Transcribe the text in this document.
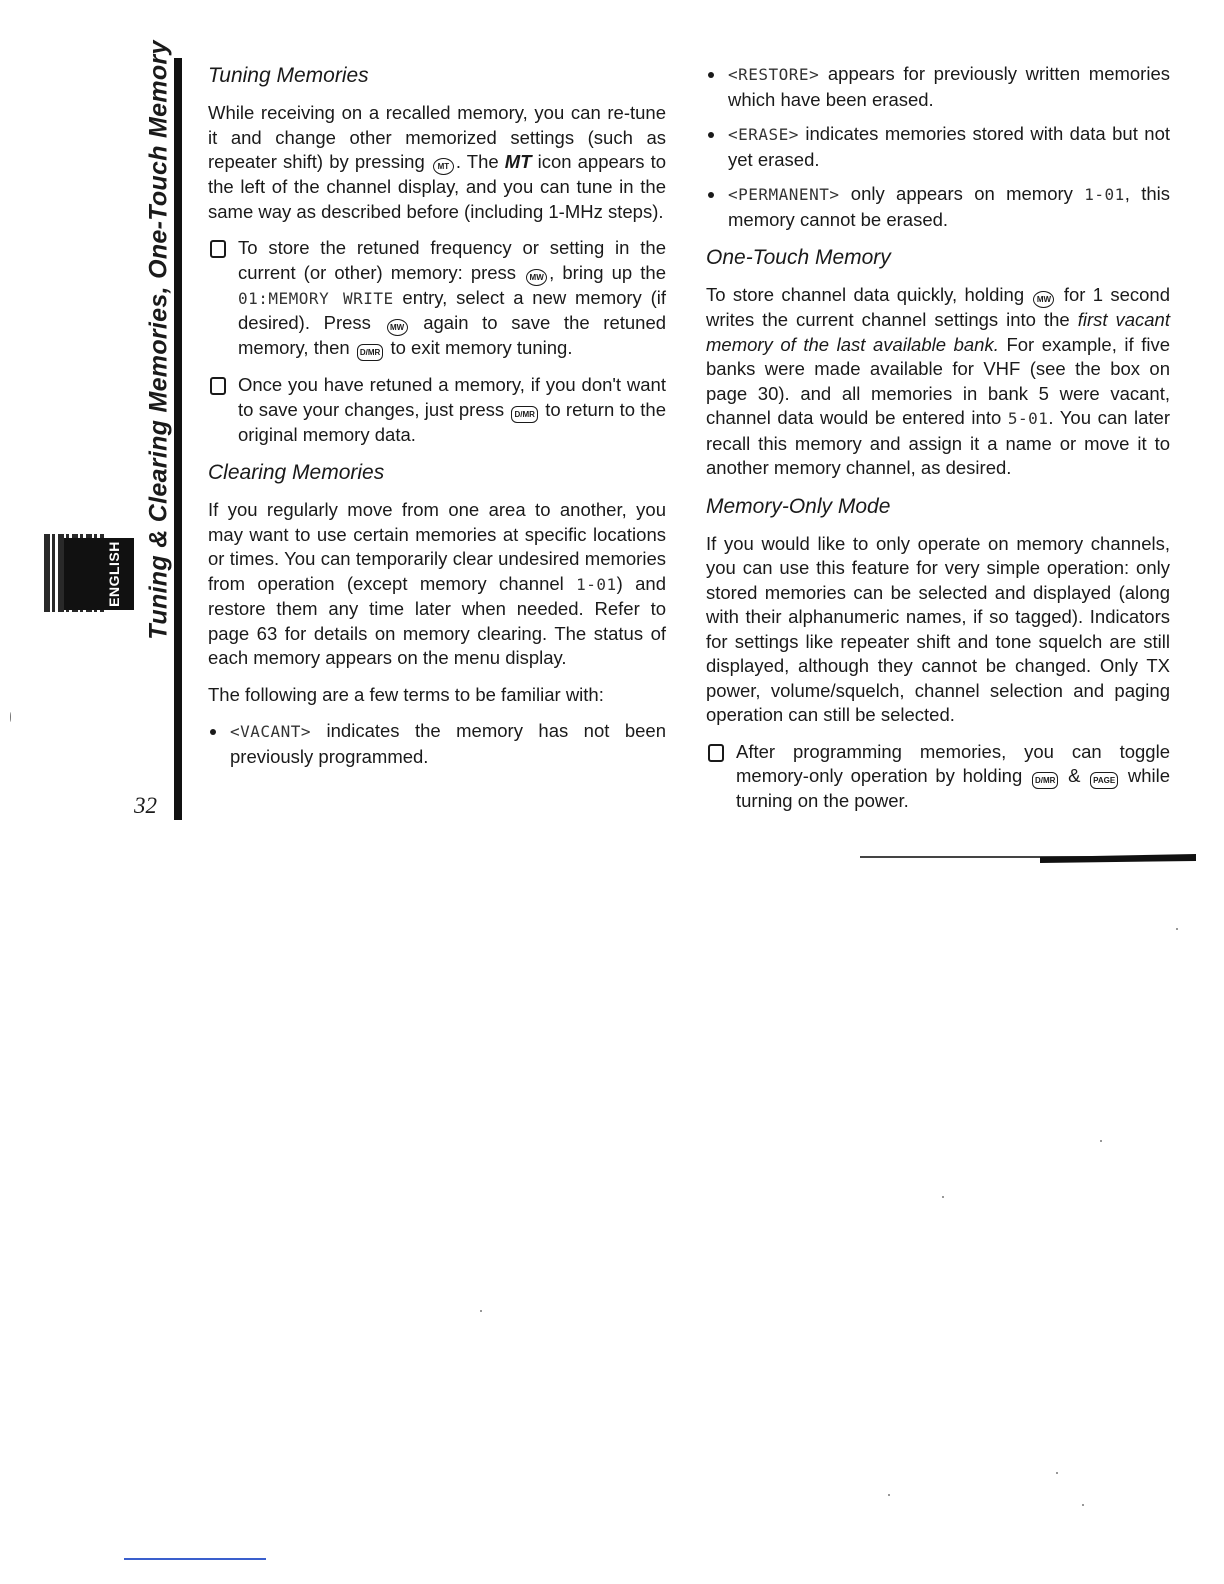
Tuning & Clearing Memories, One-Touch Memory
32
ENGLISH
Tuning Memories

While receiving on a recalled memory, you can re-tune it and change other memorized settings (such as repeater shift) by pressing MT . The MT icon appears to the left of the channel display, and you can tune in the same way as described before (including 1-MHz steps).

To store the retuned frequency or setting in the current (or other) memory: press MW , bring up the 01:MEMORY WRITE entry, select a new memory (if desired). Press MW again to save the retuned memory, then D/MR to exit memory tuning.
Once you have retuned a memory, if you don't want to save your changes, just press D/MR to return to the original memory data.
Clearing Memories

If you regularly move from one area to another, you may want to use certain memories at specific locations or times. You can temporarily clear undesired memories from operation (except memory channel 1-01) and restore them any time later when needed. Refer to page 63 for details on memory clearing. The status of each memory appears on the menu display.

The following are a few terms to be familiar with:

<VACANT> indicates the memory has not been previously programmed.
<RESTORE> appears for previously written memories which have been erased.
<ERASE> indicates memories stored with data but not yet erased.
<PERMANENT> only appears on memory 1-01, this memory cannot be erased.
One-Touch Memory

To store channel data quickly, holding MW for 1 second writes the current channel settings into the first vacant memory of the last available bank. For example, if five banks were made available for VHF (see the box on page 30). and all memories in bank 5 were vacant, channel data would be entered into 5-01. You can later recall this memory and assign it a name or move it to another memory channel, as desired.

Memory-Only Mode

If you would like to only operate on memory channels, you can use this feature for very simple operation: only stored memories can be selected and displayed (along with their alphanumeric names, if so tagged). Indicators for settings like repeater shift and tone squelch are still displayed, although they cannot be changed. Only TX power, volume/squelch, channel selection and paging operation can still be selected.

After programming memories, you can toggle memory-only operation by holding D/MR & PAGE while turning on the power.
